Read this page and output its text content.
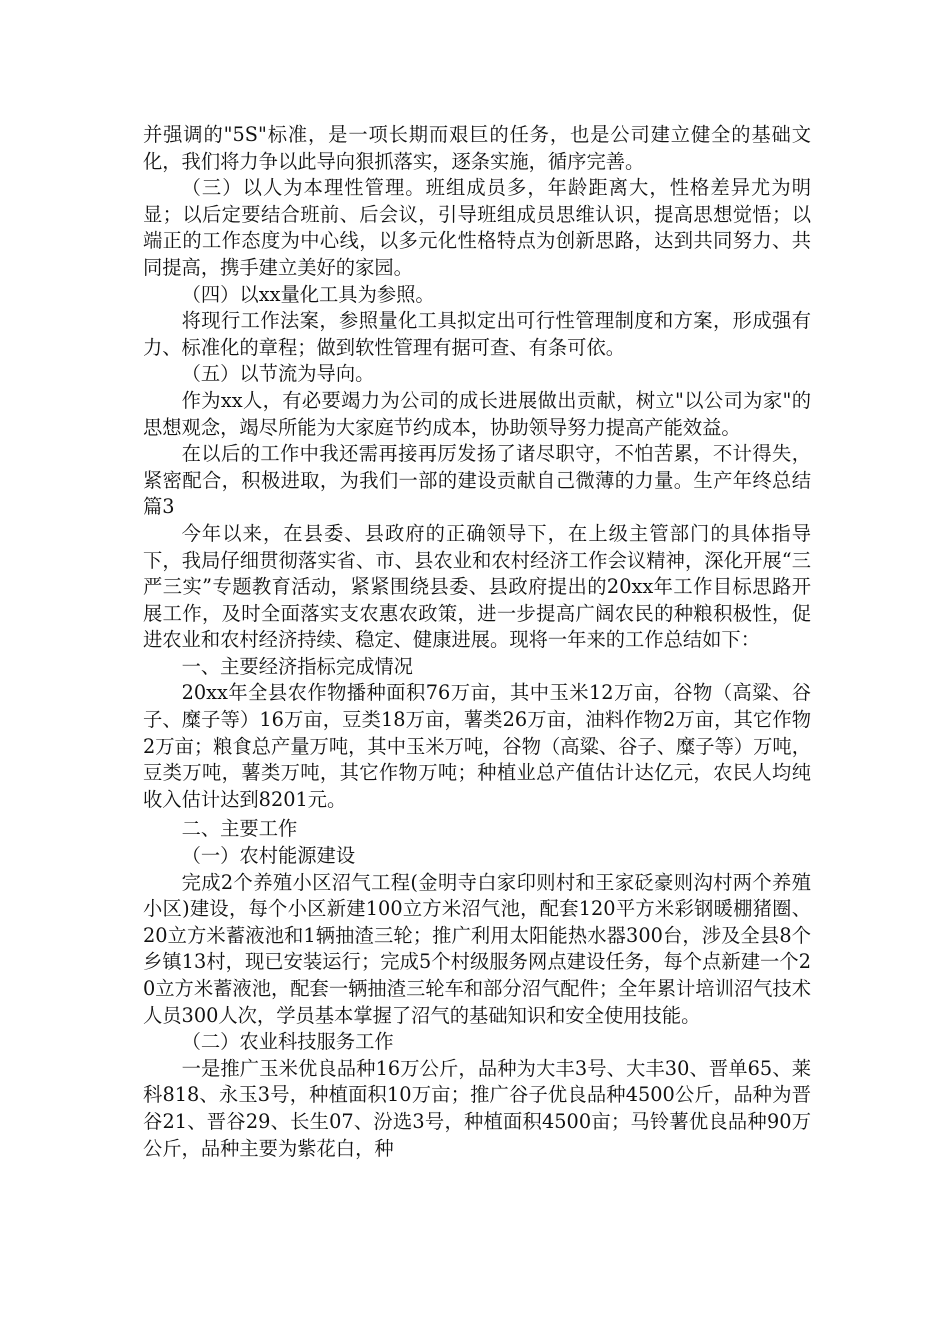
并强调的"5S"标准，是一项长期而艰巨的任务，也是公司建立健全的基础文化，我们将力争以此导向狠抓落实，逐条实施，循序完善。

（三）以人为本理性管理。班组成员多，年龄距离大，性格差异尤为明显；以后定要结合班前、后会议，引导班组成员思维认识，提高思想觉悟；以端正的工作态度为中心线，以多元化性格特点为创新思路，达到共同努力、共同提高，携手建立美好的家园。

（四）以xx量化工具为参照。

将现行工作法案，参照量化工具拟定出可行性管理制度和方案，形成强有力、标准化的章程；做到软性管理有据可查、有条可依。

（五）以节流为导向。

作为xx人，有必要竭力为公司的成长进展做出贡献，树立"以公司为家"的思想观念，竭尽所能为大家庭节约成本，协助领导努力提高产能效益。

在以后的工作中我还需再接再厉发扬了诸尽职守，不怕苦累，不计得失，紧密配合，积极进取，为我们一部的建设贡献自己微薄的力量。生产年终总结 篇3

今年以来，在县委、县政府的正确领导下，在上级主管部门的具体指导下，我局仔细贯彻落实省、市、县农业和农村经济工作会议精神，深化开展“三严三实”专题教育活动，紧紧围绕县委、县政府提出的20xx年工作目标思路开展工作，及时全面落实支农惠农政策，进一步提高广阔农民的种粮积极性，促进农业和农村经济持续、稳定、健康进展。现将一年来的工作总结如下：

一、主要经济指标完成情况

20xx年全县农作物播种面积76万亩，其中玉米12万亩，谷物（高粱、谷子、糜子等）16万亩，豆类18万亩，薯类26万亩，油料作物2万亩，其它作物2万亩；粮食总产量万吨，其中玉米万吨，谷物（高粱、谷子、糜子等）万吨，豆类万吨，薯类万吨，其它作物万吨；种植业总产值估计达亿元，农民人均纯收入估计达到8201元。

二、主要工作

（一）农村能源建设

完成2个养殖小区沼气工程(金明寺白家印则村和王家砭豪则沟村两个养殖小区)建设，每个小区新建100立方米沼气池，配套120平方米彩钢暖棚猪圈、20立方米蓄液池和1辆抽渣三轮；推广利用太阳能热水器300台，涉及全县8个乡镇13村，现已安装运行；完成5个村级服务网点建设任务，每个点新建一个20立方米蓄液池，配套一辆抽渣三轮车和部分沼气配件；全年累计培训沼气技术人员300人次，学员基本掌握了沼气的基础知识和安全使用技能。

（二）农业科技服务工作

一是推广玉米优良品种16万公斤，品种为大丰3号、大丰30、晋单65、莱科818、永玉3号，种植面积10万亩；推广谷子优良品种4500公斤，品种为晋谷21、晋谷29、长生07、汾选3号，种植面积4500亩；马铃薯优良品种90万公斤，品种主要为紫花白，种
